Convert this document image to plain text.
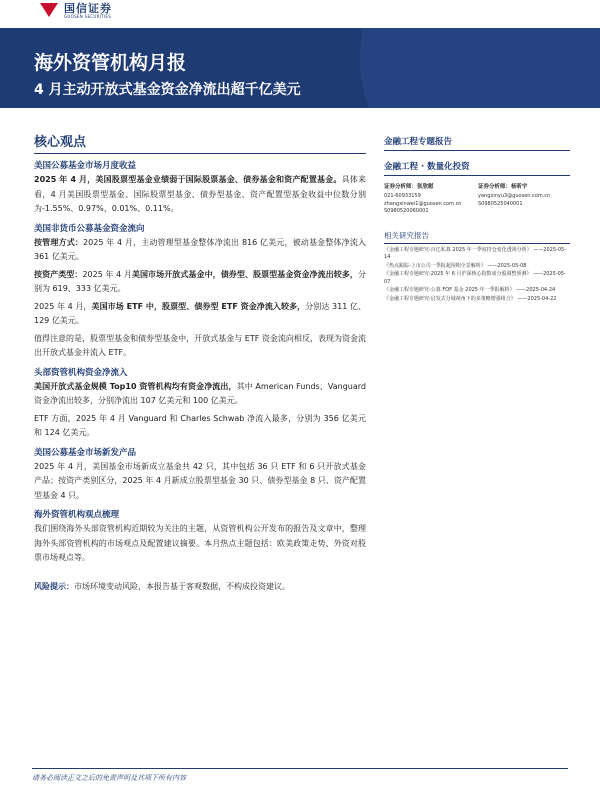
国信证券
GUOSEN SECURITIES
海外资管机构月报
4 月主动开放式基金资金净流出超千亿美元
核心观点
美国公募基金市场月度收益
2025 年 4 月，美国股票型基金业绩弱于国际股票基金、债券基金和资产配置基金。具体来看，4 月美国股票型基金、国际股票型基金、债券型基金、资产配置型基金收益中位数分别为-1.55%、0.97%、0.01%、0.11%。
美国非货币公募基金资金流向
按管理方式：2025 年 4 月，主动管理型基金整体净流出 816 亿美元，被动基金整体净流入 361 亿美元。
按资产类型：2025 年 4 月美国市场开放式基金中，债券型、股票型基金资金净流出较多，分别为 619、333 亿美元。
2025 年 4 月，美国市场 ETF 中，股票型、债券型 ETF 资金净流入较多，分别达 311 亿、129 亿美元。
值得注意的是，股票型基金和债券型基金中，开放式基金与 ETF 资金流向相反，表现为资金流出开放式基金并流入 ETF。
头部资管机构资金净流入
美国开放式基金规模 Top10 资管机构均有资金净流出，其中 American Funds、Vanguard 资金净流出较多，分别净流出 107 亿美元和 100 亿美元。
ETF 方面，2025 年 4 月 Vanguard 和 Charles Schwab 净流入最多，分别为 356 亿美元和 124 亿美元。
美国公募基金市场新发产品
2025 年 4 月，美国基金市场新成立基金共 42 只，其中包括 36 只 ETF 和 6 只开放式基金产品；按资产类别区分，2025 年 4 月新成立股票型基金 30 只、债券型基金 8 只、资产配置型基金 4 只。
海外资管机构观点梳理
我们围绕海外头部资管机构近期较为关注的主题，从资管机构公开发布的报告及文章中，整理海外头部资管机构的市场观点及配置建议摘要。本月热点主题包括：欧美政策走势、外资对股票市场观点等。
风险提示：市场环境变动风险，本报告基于客观数据，不构成投资建议。
金融工程专题报告
金融工程 · 数量化投资
证券分析师：张欣慰
021-60933159
zhangxinwei1@guosen.com.cn
S0980520060001
证券分析师：杨昕宇
yangxinyu3@guosen.com.cn
S0980525040001
相关研究报告
《金融工程专题研究-百亿私募 2025 年一季度持仓变化透视分析》 ——2025-05-14
《热点跟踪-上市公司一季报超预期全景解析》 ——2025-05-08
《金融工程专题研究-2025 年 6 月沪深核心指数成分股调整预测》 ——2025-05-07
《金融工程专题研究-公募 FOF 基金 2025 年一季报解析》 ——2025-04-24
《金融工程专题研究-启发式分域视角下的多策略增强组合》 ——2025-04-22
请务必阅读正文之后的免责声明及其项下所有内容
